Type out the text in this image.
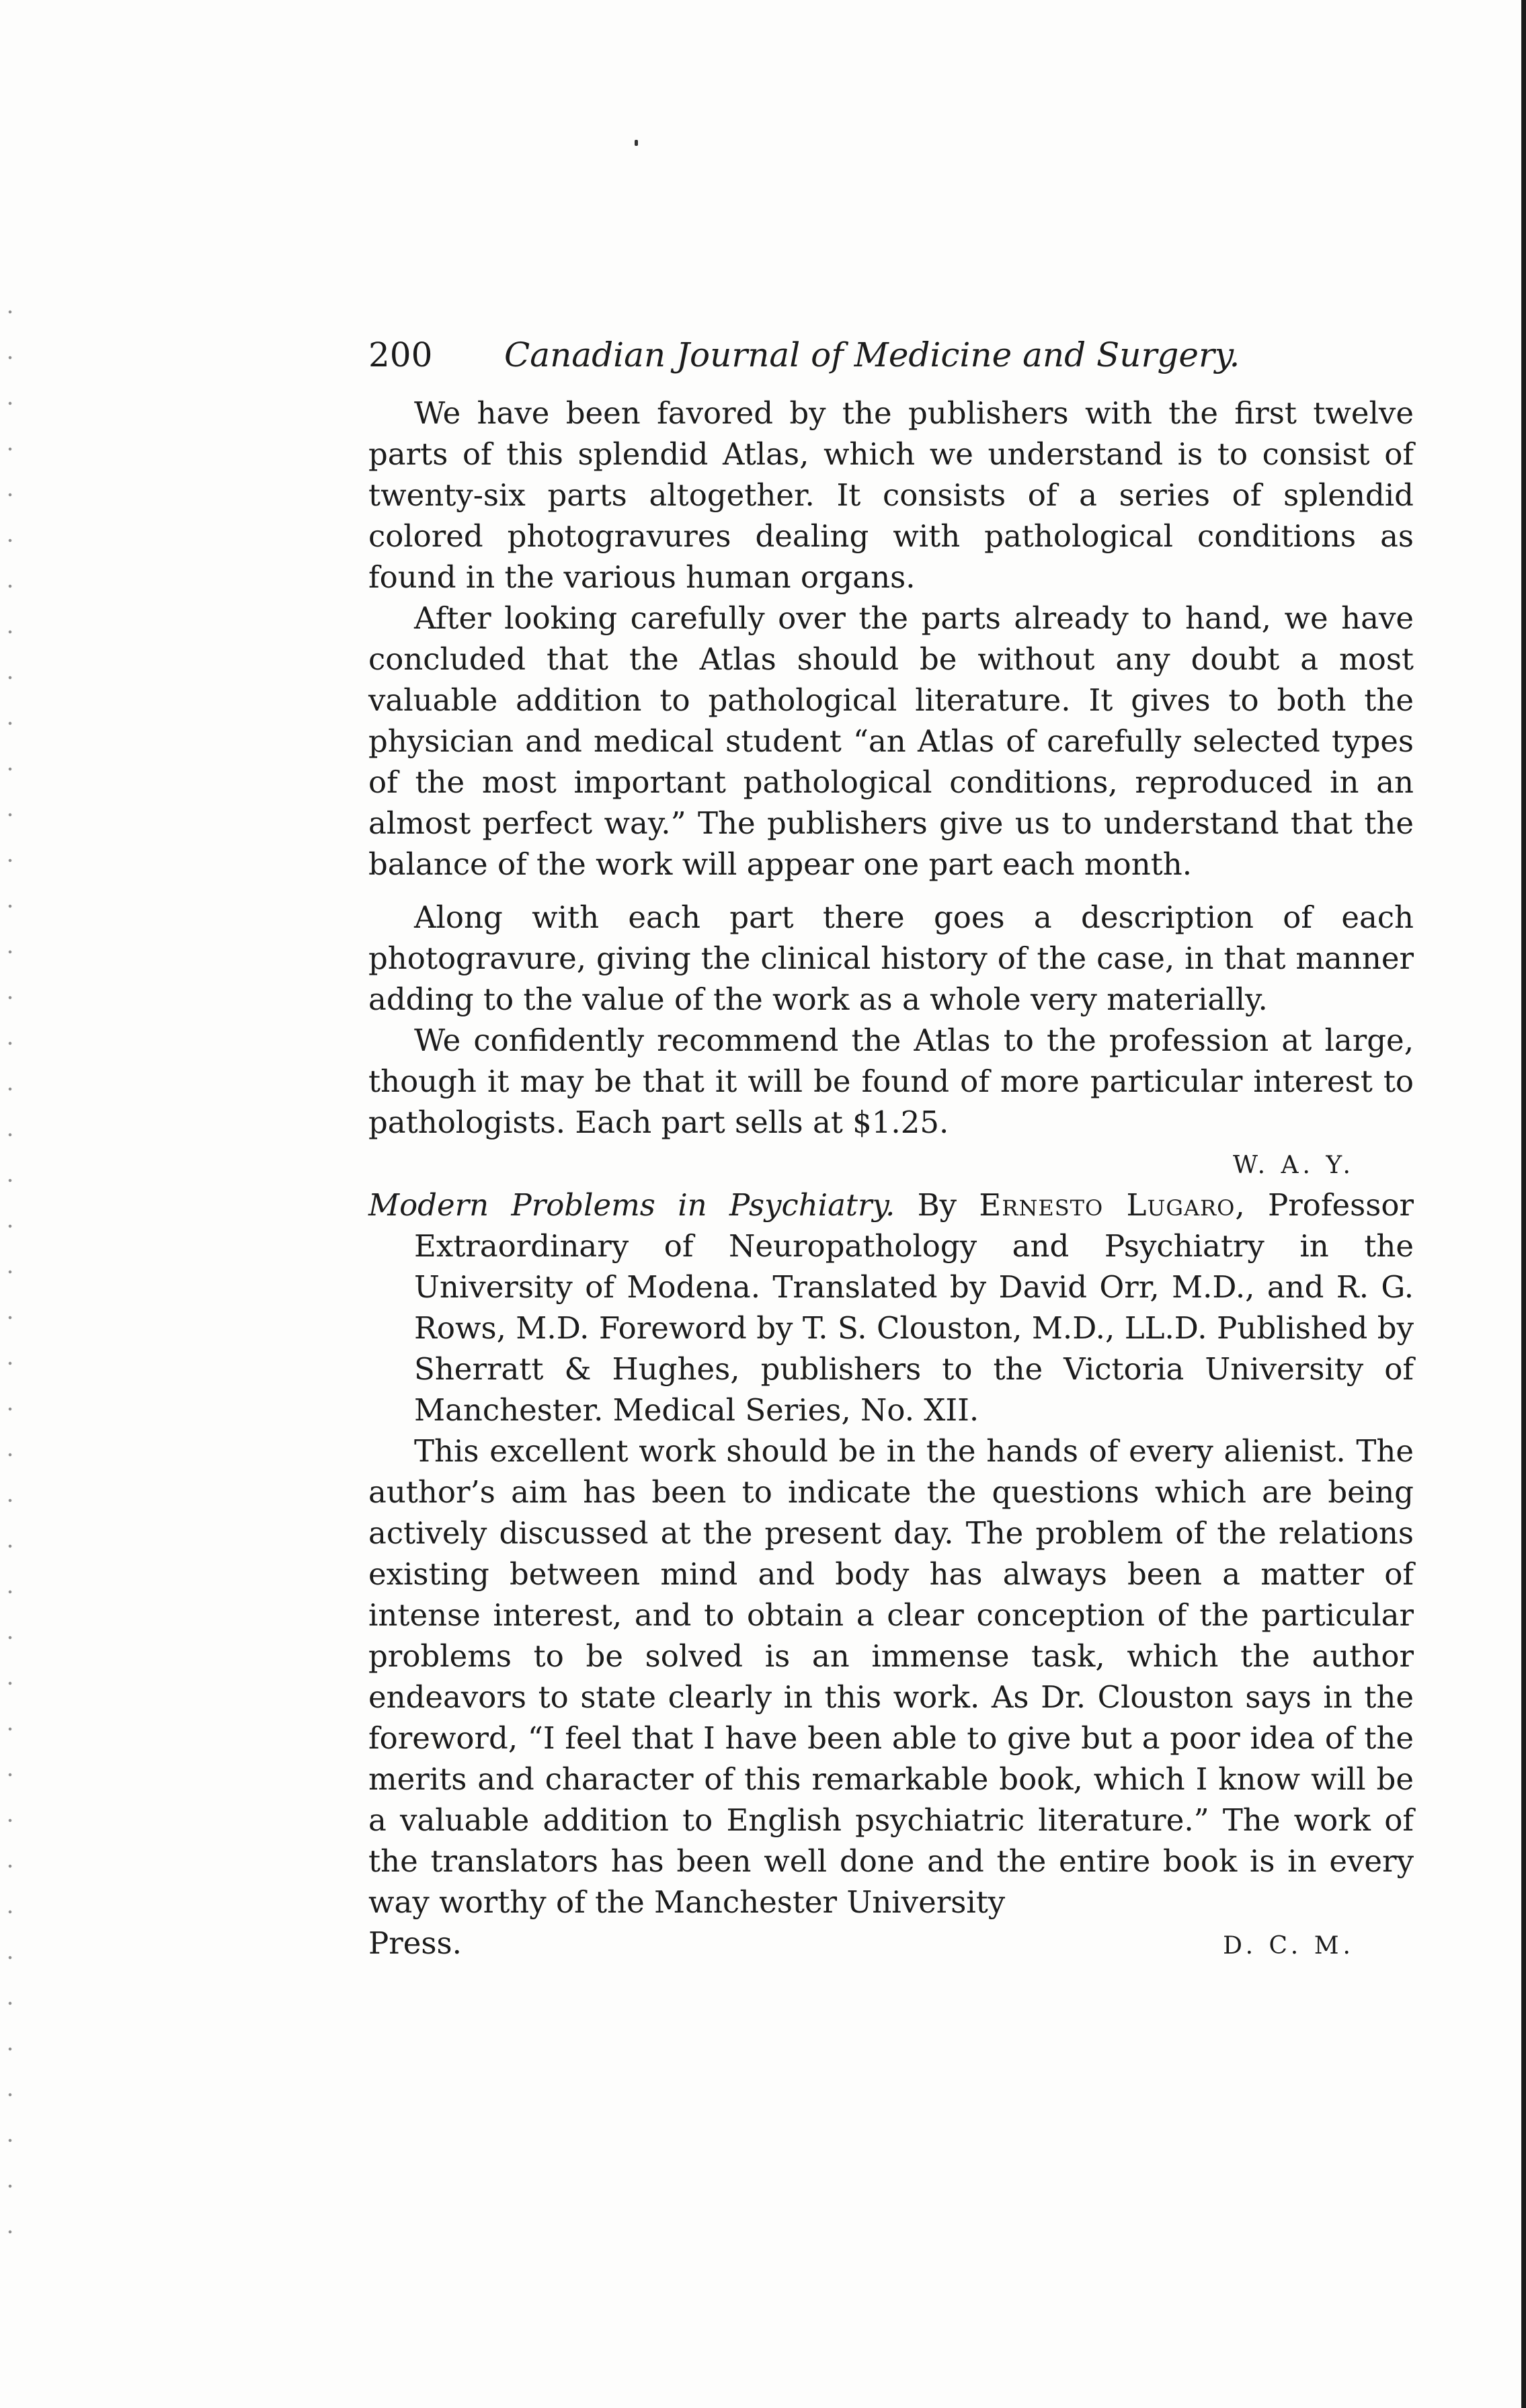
200 Canadian Journal of Medicine and Surgery.

We have been favored by the publishers with the first twelve parts of this splendid Atlas, which we understand is to consist of twenty-six parts altogether. It consists of a series of splendid colored photogravures dealing with pathological conditions as found in the various human organs.

After looking carefully over the parts already to hand, we have concluded that the Atlas should be without any doubt a most valuable addition to pathological literature. It gives to both the physician and medical student “an Atlas of carefully selected types of the most important pathological conditions, reproduced in an almost perfect way.” The publishers give us to understand that the balance of the work will appear one part each month.

Along with each part there goes a description of each photogravure, giving the clinical history of the case, in that manner adding to the value of the work as a whole very materially.

We confidently recommend the Atlas to the profession at large, though it may be that it will be found of more particular interest to pathologists. Each part sells at $1.25.

W. A. Y.
Modern Problems in Psychiatry. By Ernesto Lugaro, Professor Extraordinary of Neuropathology and Psychiatry in the University of Modena. Translated by David Orr, M.D., and R. G. Rows, M.D. Foreword by T. S. Clouston, M.D., LL.D. Published by Sherratt & Hughes, publishers to the Victoria University of Manchester. Medical Series, No. XII.

This excellent work should be in the hands of every alienist. The author’s aim has been to indicate the questions which are being actively discussed at the present day. The problem of the relations existing between mind and body has always been a matter of intense interest, and to obtain a clear conception of the particular problems to be solved is an immense task, which the author endeavors to state clearly in this work. As Dr. Clouston says in the foreword, “I feel that I have been able to give but a poor idea of the merits and character of this remarkable book, which I know will be a valuable addition to English psychiatric literature.” The work of the translators has been well done and the entire book is in every way worthy of the Manchester University

Press.	D. C. M.
